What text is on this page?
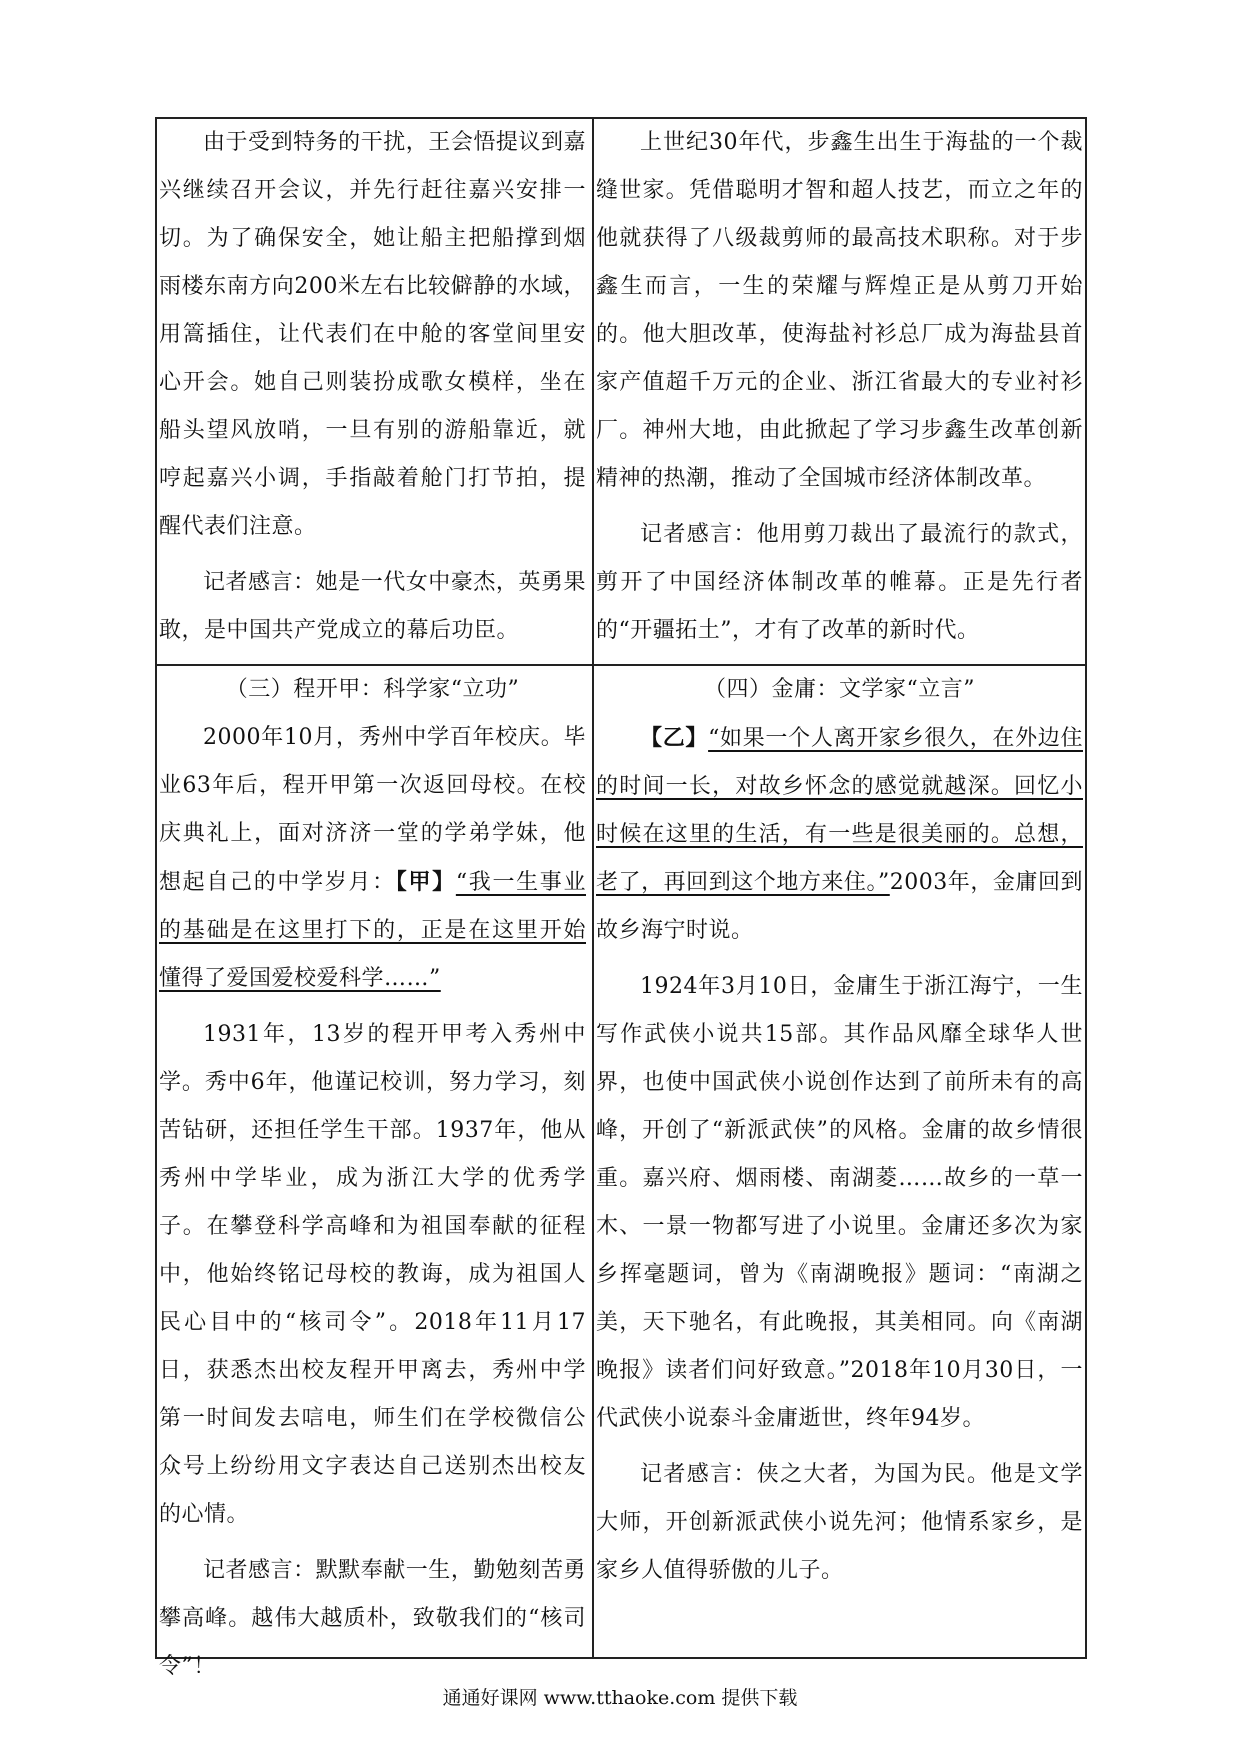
由于受到特务的干扰，王会悟提议到嘉兴继续召开会议，并先行赶往嘉兴安排一切。为了确保安全，她让船主把船撑到烟雨楼东南方向200米左右比较僻静的水域，用篙插住，让代表们在中舱的客堂间里安心开会。她自己则装扮成歌女模样，坐在船头望风放哨，一旦有别的游船靠近，就哼起嘉兴小调，手指敲着舱门打节拍，提醒代表们注意。

记者感言：她是一代女中豪杰，英勇果敢，是中国共产党成立的幕后功臣。

上世纪30年代，步鑫生出生于海盐的一个裁缝世家。凭借聪明才智和超人技艺，而立之年的他就获得了八级裁剪师的最高技术职称。对于步鑫生而言，一生的荣耀与辉煌正是从剪刀开始的。他大胆改革，使海盐衬衫总厂成为海盐县首家产值超千万元的企业、浙江省最大的专业衬衫厂。神州大地，由此掀起了学习步鑫生改革创新精神的热潮，推动了全国城市经济体制改革。

记者感言：他用剪刀裁出了最流行的款式，剪开了中国经济体制改革的帷幕。正是先行者的“开疆拓土”，才有了改革的新时代。

（三）程开甲：科学家“立功”

2000年10月，秀州中学百年校庆。毕业63年后，程开甲第一次返回母校。在校庆典礼上，面对济济一堂的学弟学妹，他想起自己的中学岁月：【甲】“我一生事业的基础是在这里打下的，正是在这里开始懂得了爱国爱校爱科学……”

1931年，13岁的程开甲考入秀州中学。秀中6年，他谨记校训，努力学习，刻苦钻研，还担任学生干部。1937年，他从秀州中学毕业，成为浙江大学的优秀学子。在攀登科学高峰和为祖国奉献的征程中，他始终铭记母校的教诲，成为祖国人民心目中的“核司令”。2018年11月17日，获悉杰出校友程开甲离去，秀州中学第一时间发去唁电，师生们在学校微信公众号上纷纷用文字表达自己送别杰出校友的心情。

记者感言：默默奉献一生，勤勉刻苦勇攀高峰。越伟大越质朴，致敬我们的“核司令”！

（四）金庸：文学家“立言”

【乙】“如果一个人离开家乡很久，在外边住的时间一长，对故乡怀念的感觉就越深。回忆小时候在这里的生活，有一些是很美丽的。总想，老了，再回到这个地方来住。”2003年，金庸回到故乡海宁时说。

1924年3月10日，金庸生于浙江海宁，一生写作武侠小说共15部。其作品风靡全球华人世界，也使中国武侠小说创作达到了前所未有的高峰，开创了“新派武侠”的风格。金庸的故乡情很重。嘉兴府、烟雨楼、南湖菱……故乡的一草一木、一景一物都写进了小说里。金庸还多次为家乡挥毫题词，曾为《南湖晚报》题词：“南湖之美，天下驰名，有此晚报，其美相同。向《南湖晚报》读者们问好致意。”2018年10月30日，一代武侠小说泰斗金庸逝世，终年94岁。

记者感言：侠之大者，为国为民。他是文学大师，开创新派武侠小说先河；他情系家乡，是家乡人值得骄傲的儿子。

通通好课网 www.tthaoke.com 提供下载
